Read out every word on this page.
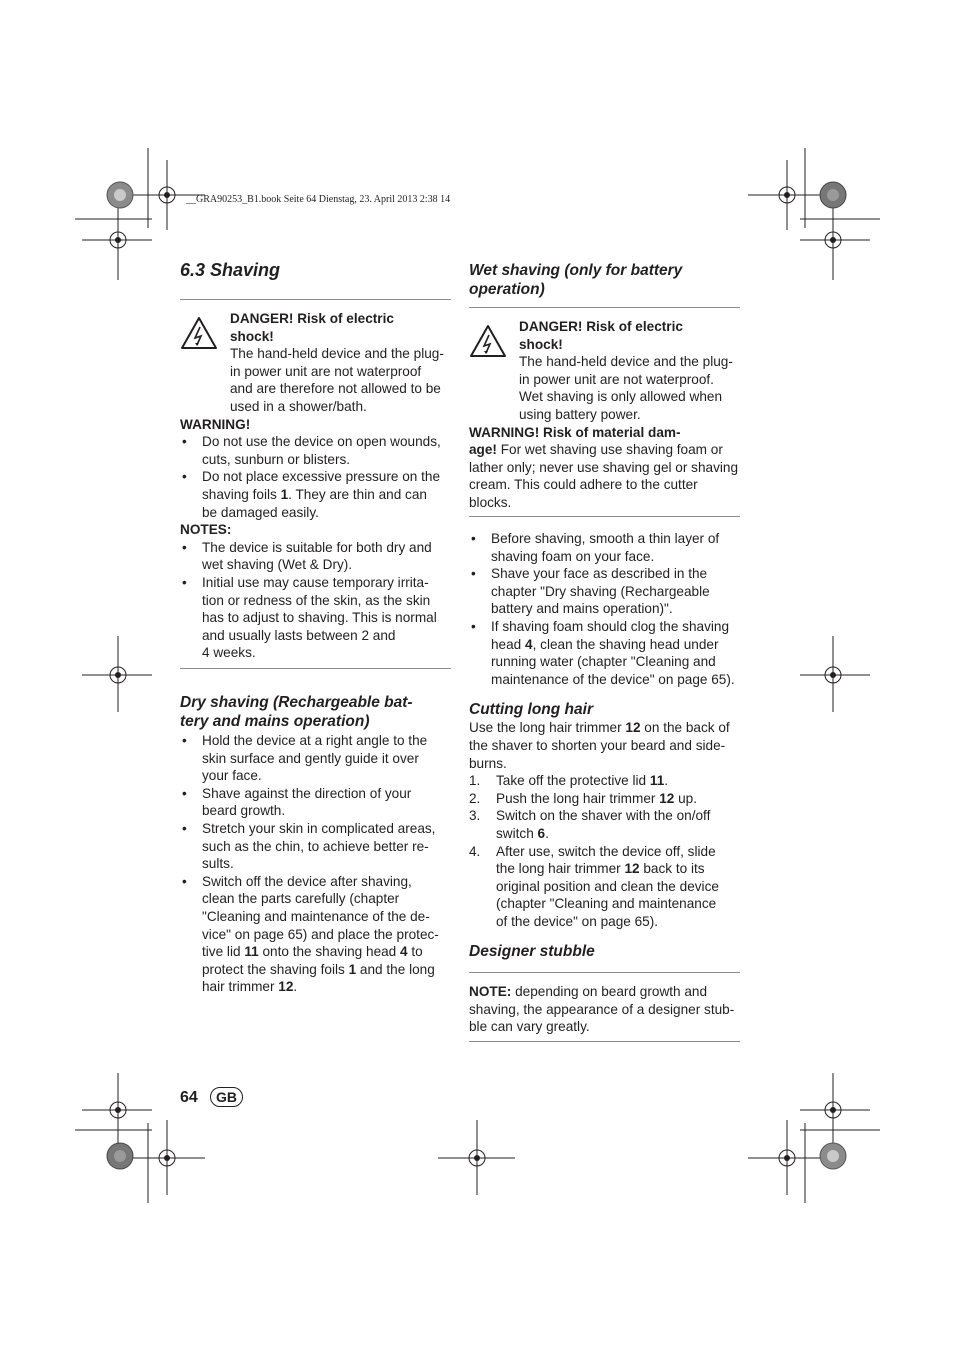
__GRA90253_B1.book Seite 64 Dienstag, 23. April 2013 2:38 14
6.3 Shaving

DANGER! Risk of electric

shock!

The hand-held device and the plug-

in power unit are not waterproof

and are therefore not allowed to be

used in a shower/bath.

WARNING!

• Do not use the device on open wounds,
cuts, sunburn or blisters.
• Do not place excessive pressure on the
shaving foils 1. They are thin and can
be damaged easily.

NOTES:

• The device is suitable for both dry and
wet shaving (Wet & Dry).
• Initial use may cause temporary irrita-
tion or redness of the skin, as the skin
has to adjust to shaving. This is normal
and usually lasts between 2 and
4 weeks.
Dry shaving (Rechargeable bat-
tery and mains operation)
• Hold the device at a right angle to the
skin surface and gently guide it over
your face.
• Shave against the direction of your
beard growth.
• Stretch your skin in complicated areas,
such as the chin, to achieve better re-
sults.
• Switch off the device after shaving,
clean the parts carefully (chapter
"Cleaning and maintenance of the de-
vice" on page 65) and place the protec-
tive lid 11 onto the shaving head 4 to
protect the shaving foils 1 and the long
hair trimmer 12.
Wet shaving (only for battery
operation)

DANGER! Risk of electric

shock!

The hand-held device and the plug-

in power unit are not waterproof.

Wet shaving is only allowed when

using battery power.

WARNING! Risk of material dam-

age! For wet shaving use shaving foam or

lather only; never use shaving gel or shaving

cream. This could adhere to the cutter

blocks.

• Before shaving, smooth a thin layer of
shaving foam on your face.
• Shave your face as described in the
chapter "Dry shaving (Rechargeable
battery and mains operation)".
• If shaving foam should clog the shaving
head 4, clean the shaving head under
running water (chapter "Cleaning and
maintenance of the device" on page 65).
Cutting long hair

Use the long hair trimmer 12 on the back of

the shaver to shorten your beard and side-

burns.

1. Take off the protective lid 11.
2. Push the long hair trimmer 12 up.
3. Switch on the shaver with the on/off
switch 6.
4. After use, switch the device off, slide
the long hair trimmer 12 back to its
original position and clean the device
(chapter "Cleaning and maintenance
of the device" on page 65).
Designer stubble

NOTE: depending on beard growth and

shaving, the appearance of a designer stub-

ble can vary greatly.

64	GB
